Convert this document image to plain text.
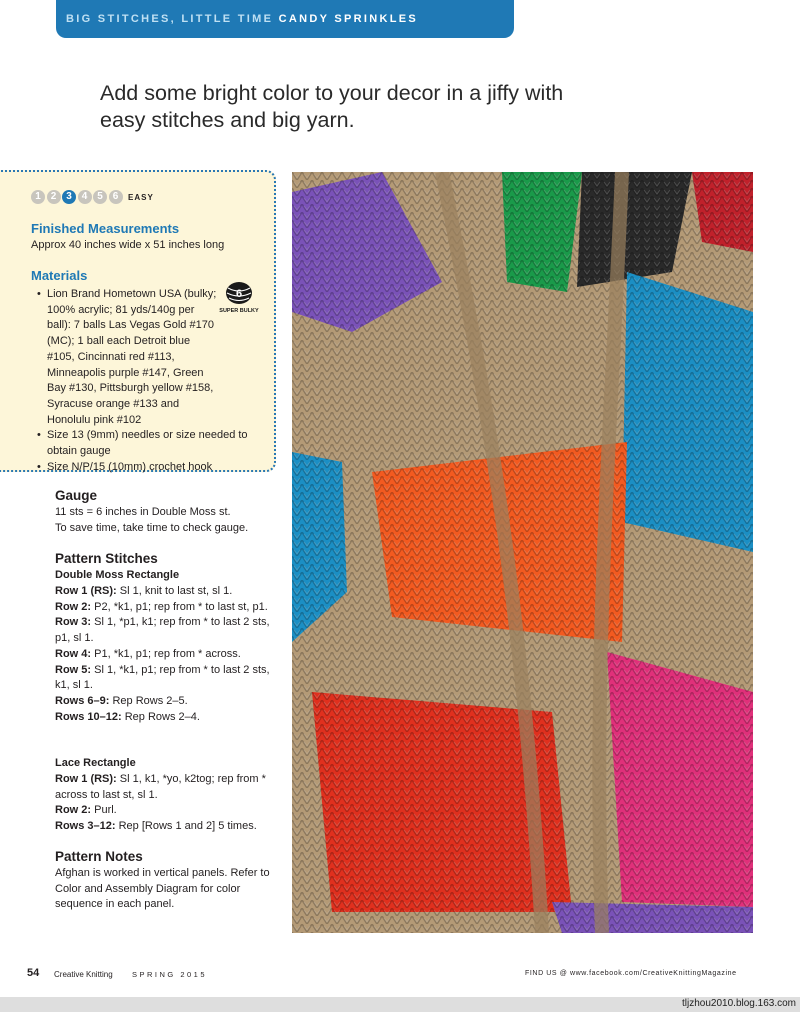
BIG STITCHES, LITTLE TIME CANDY SPRINKLES
Add some bright color to your decor in a jiffy with easy stitches and big yarn.
1 2 3 4 5 6	EASY
Finished Measurements
Approx 40 inches wide x 51 inches long
Materials
6
SUPER BULKY
• Lion Brand Hometown USA (bulky; 100% acrylic; 81 yds/140g per ball): 7 balls Las Vegas Gold #170 (MC); 1 ball each Detroit blue #105, Cincinnati red #113, Minneapolis purple #147, Green Bay #130, Pittsburgh yellow #158, Syracuse orange #133 and Honolulu pink #102
• Size 13 (9mm) needles or size needed to obtain gauge
• Size N/P/15 (10mm) crochet hook
Gauge

11 sts = 6 inches in Double Moss st.

To save time, take time to check gauge.

Pattern Stitches
Double Moss Rectangle

Row 1 (RS): Sl 1, knit to last st, sl 1.

Row 2: P2, *k1, p1; rep from * to last st, p1.

Row 3: Sl 1, *p1, k1; rep from * to last 2 sts, p1, sl 1.

Row 4: P1, *k1, p1; rep from * across.

Row 5: Sl 1, *k1, p1; rep from * to last 2 sts, k1, sl 1.

Rows 6–9: Rep Rows 2–5.

Rows 10–12: Rep Rows 2–4.

Lace Rectangle

Row 1 (RS): Sl 1, k1, *yo, k2tog; rep from * across to last st, sl 1.

Row 2: Purl.

Rows 3–12: Rep [Rows 1 and 2] 5 times.

Pattern Notes
Afghan is worked in vertical panels. Refer to Color and Assembly Diagram for color sequence in each panel.
54 Creative Knitting	SPRING 2015	FIND US @ www.facebook.com/CreativeKnittingMagazine
tljzhou2010.blog.163.com
